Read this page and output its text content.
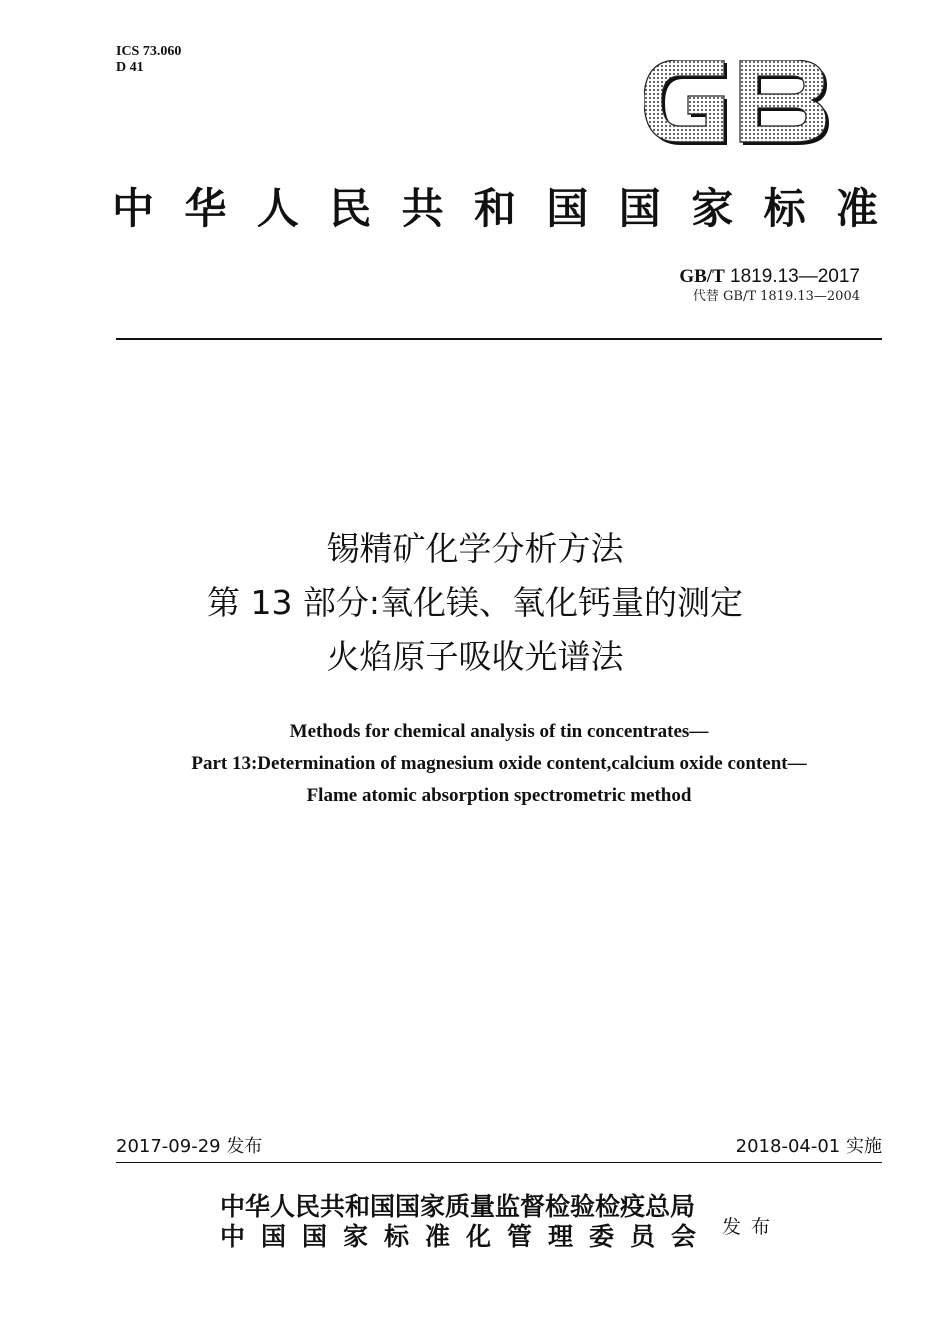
ICS 73.060
D 41
中华人民共和国国家标准
GB/T 1819.13—2017
代替 GB/T 1819.13—2004
锡精矿化学分析方法
第 13 部分:氧化镁、氧化钙量的测定
火焰原子吸收光谱法
Methods for chemical analysis of tin concentrates—
Part 13:Determination of magnesium oxide content,calcium oxide content—
Flame atomic absorption spectrometric method
2017-09-29 发布	2018-04-01 实施
中华人民共和国国家质量监督检验检疫总局
中国国家标准化管理委员会 发布
